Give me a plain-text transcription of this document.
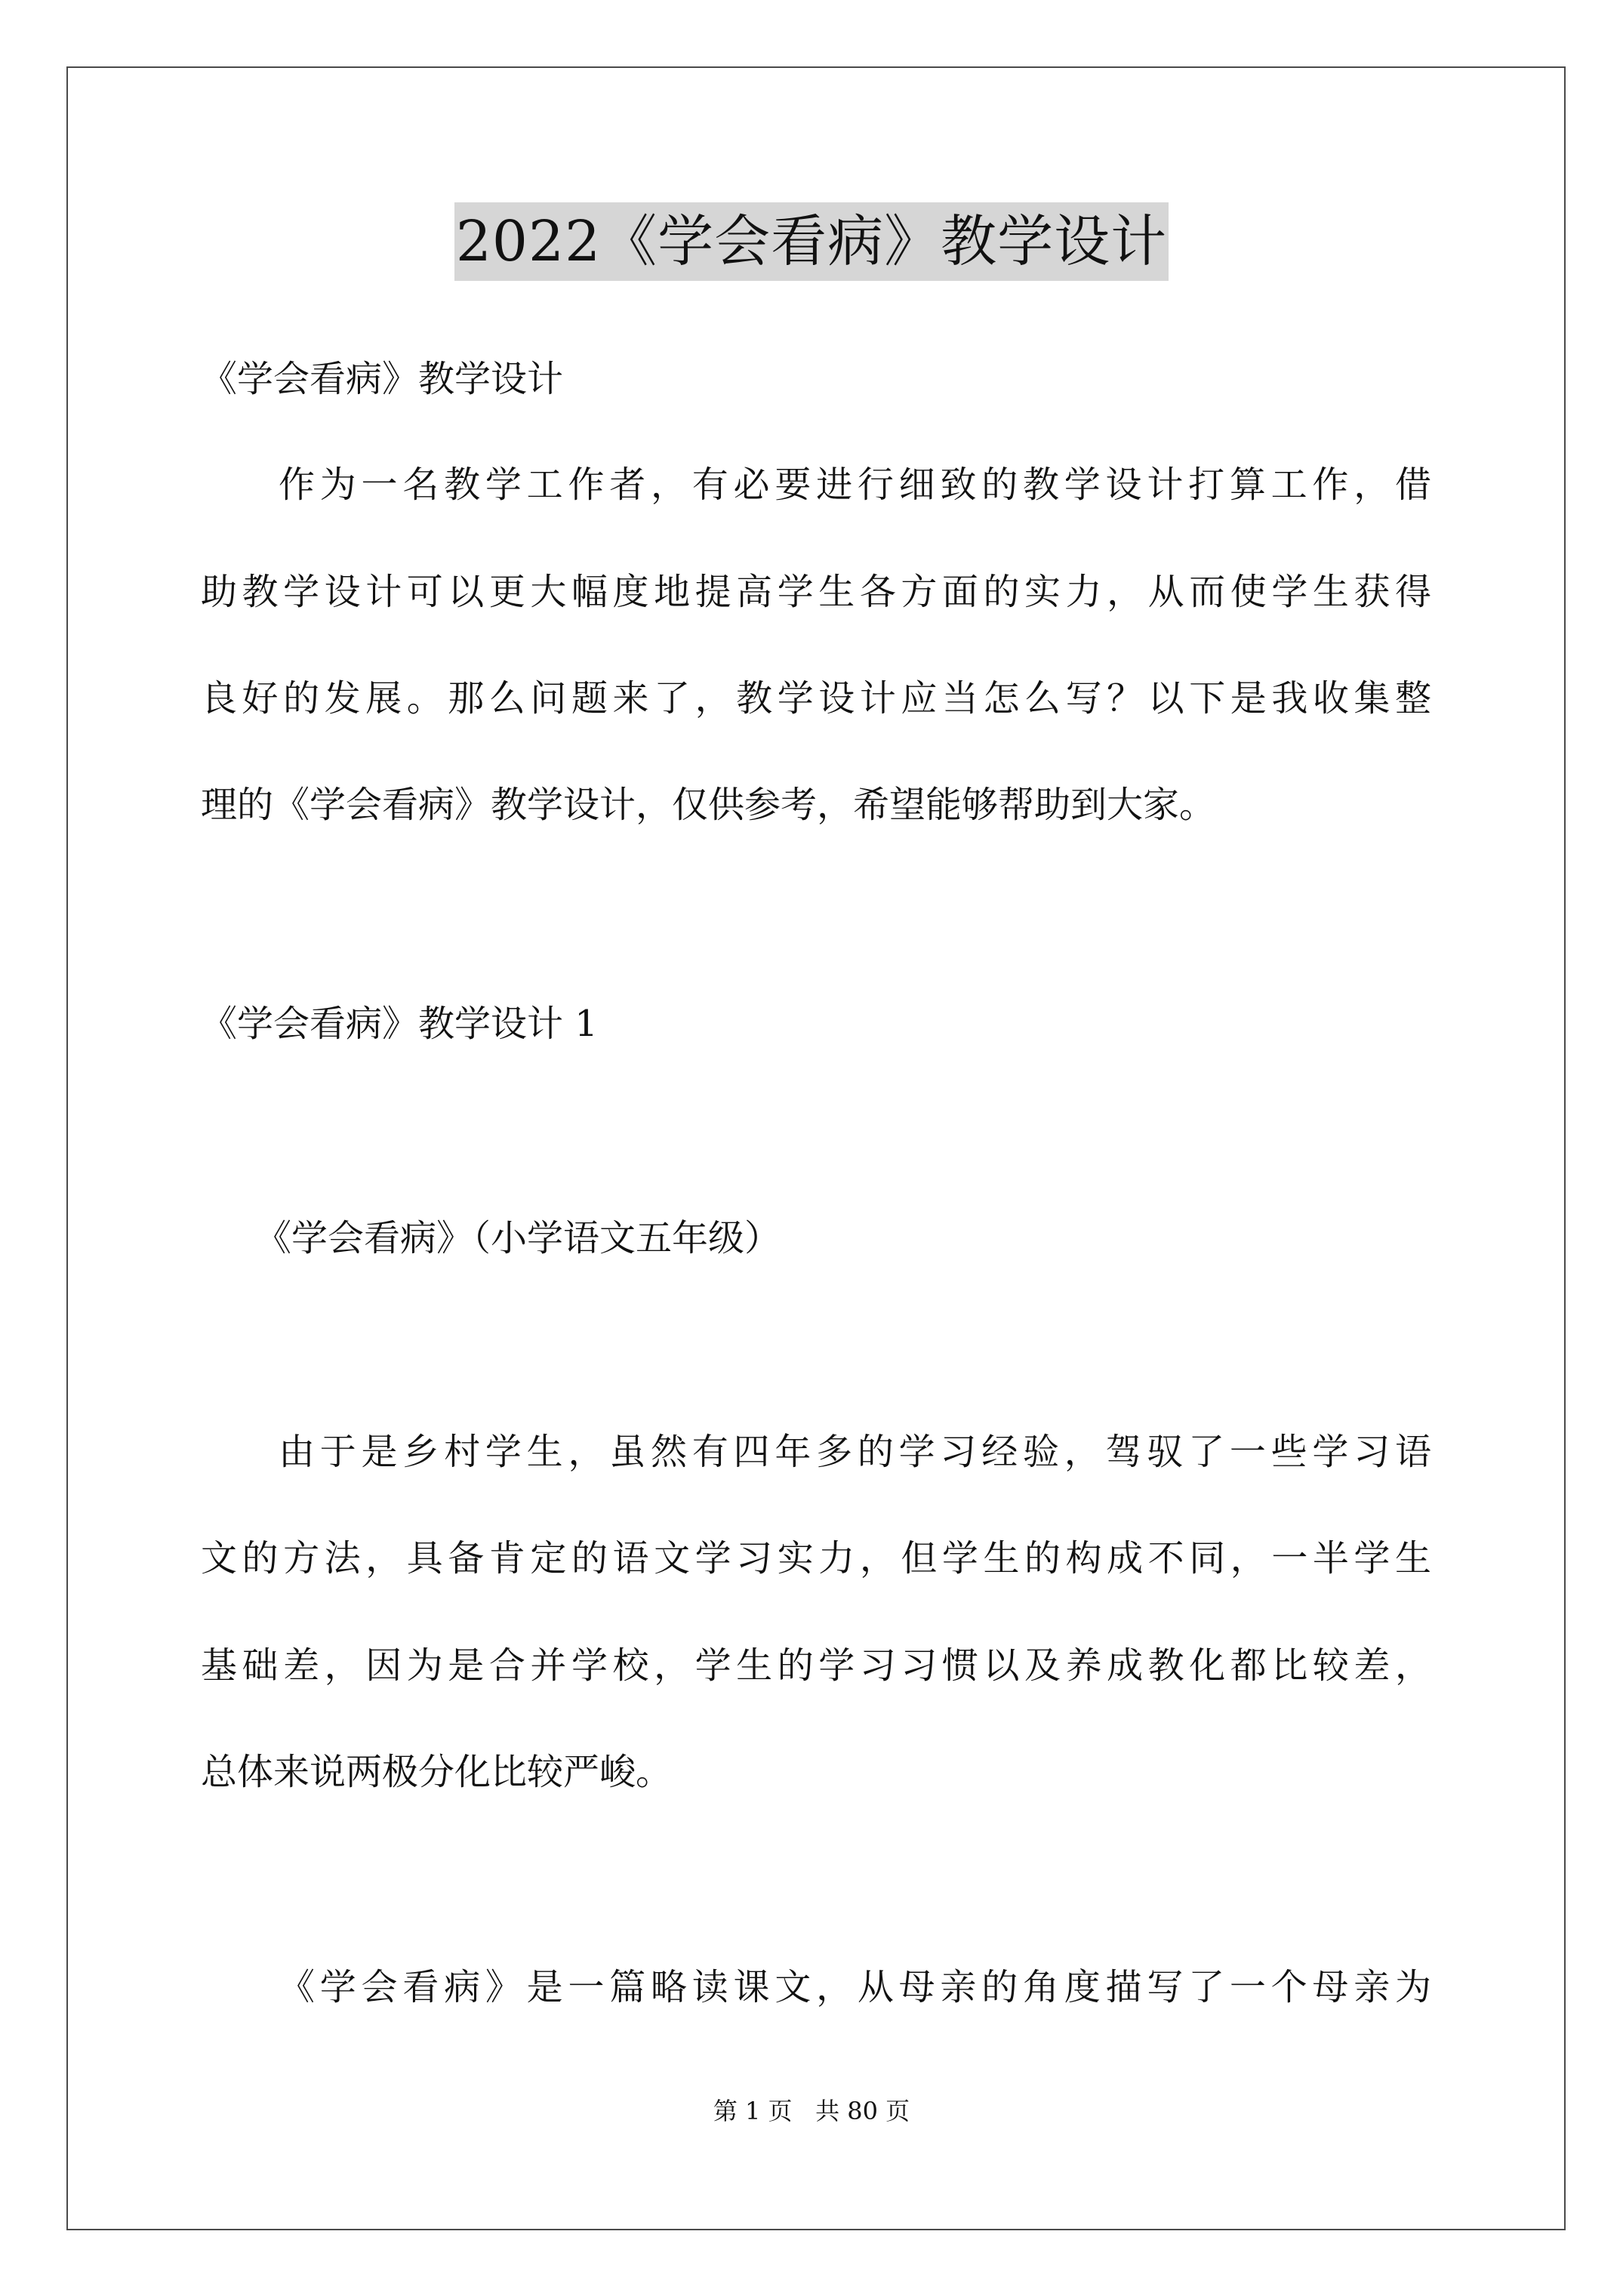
2022《学会看病》教学设计
《学会看病》教学设计
作为一名教学工作者，有必要进行细致的教学设计打算工作，借
助教学设计可以更大幅度地提高学生各方面的实力，从而使学生获得
良好的发展。那么问题来了，教学设计应当怎么写？以下是我收集整
理的《学会看病》教学设计，仅供参考，希望能够帮助到大家。
《学会看病》教学设计 1
《学会看病》（小学语文五年级）
由于是乡村学生，虽然有四年多的学习经验，驾驭了一些学习语
文的方法，具备肯定的语文学习实力，但学生的构成不同，一半学生
基础差，因为是合并学校，学生的学习习惯以及养成教化都比较差，
总体来说两极分化比较严峻。
《学会看病》是一篇略读课文，从母亲的角度描写了一个母亲为
第 1 页   共 80 页
